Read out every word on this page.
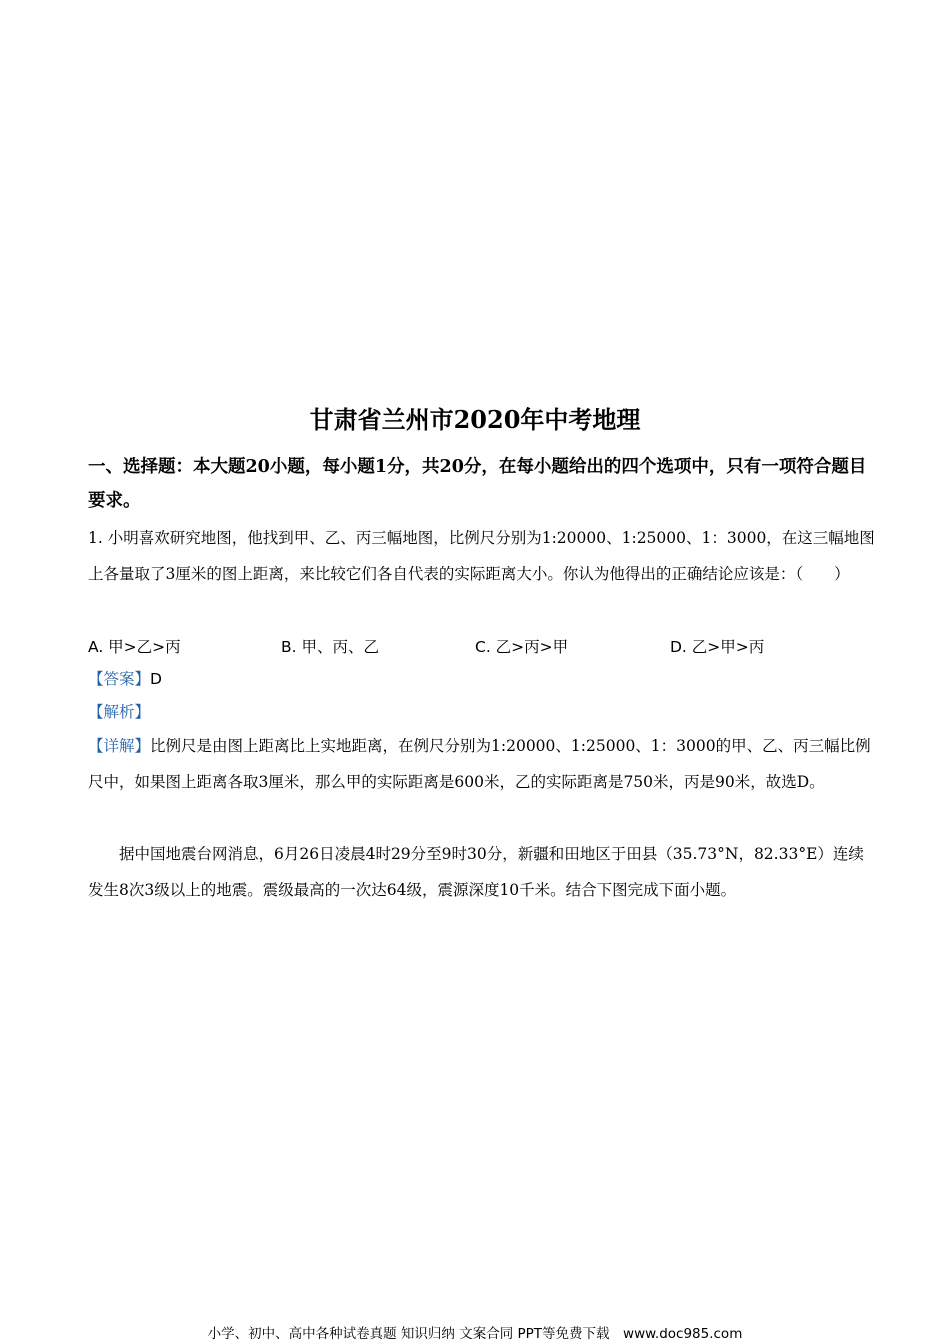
甘肃省兰州市2020年中考地理
一、选择题：本大题20小题，每小题1分，共20分，在每小题给出的四个选项中，只有一项符合题目要求。
1. 小明喜欢研究地图，他找到甲、乙、丙三幅地图，比例尺分别为1:20000、1:25000、1：3000，在这三幅地图上各量取了3厘米的图上距离，来比较它们各自代表的实际距离大小。你认为他得出的正确结论应该是：（　　）
A. 甲>乙>丙	B. 甲、丙、乙	C. 乙>丙>甲	D. 乙>甲>丙
【答案】D
【解析】
【详解】比例尺是由图上距离比上实地距离，在例尺分别为1:20000、1:25000、1：3000的甲、乙、丙三幅比例尺中，如果图上距离各取3厘米，那么甲的实际距离是600米，乙的实际距离是750米，丙是90米，故选D。
据中国地震台网消息，6月26日凌晨4时29分至9时30分，新疆和田地区于田县（35.73°N，82.33°E）连续发生8次3级以上的地震。震级最高的一次达64级，震源深度10千米。结合下图完成下面小题。
小学、初中、高中各种试卷真题 知识归纳 文案合同 PPT等免费下载　www.doc985.com
